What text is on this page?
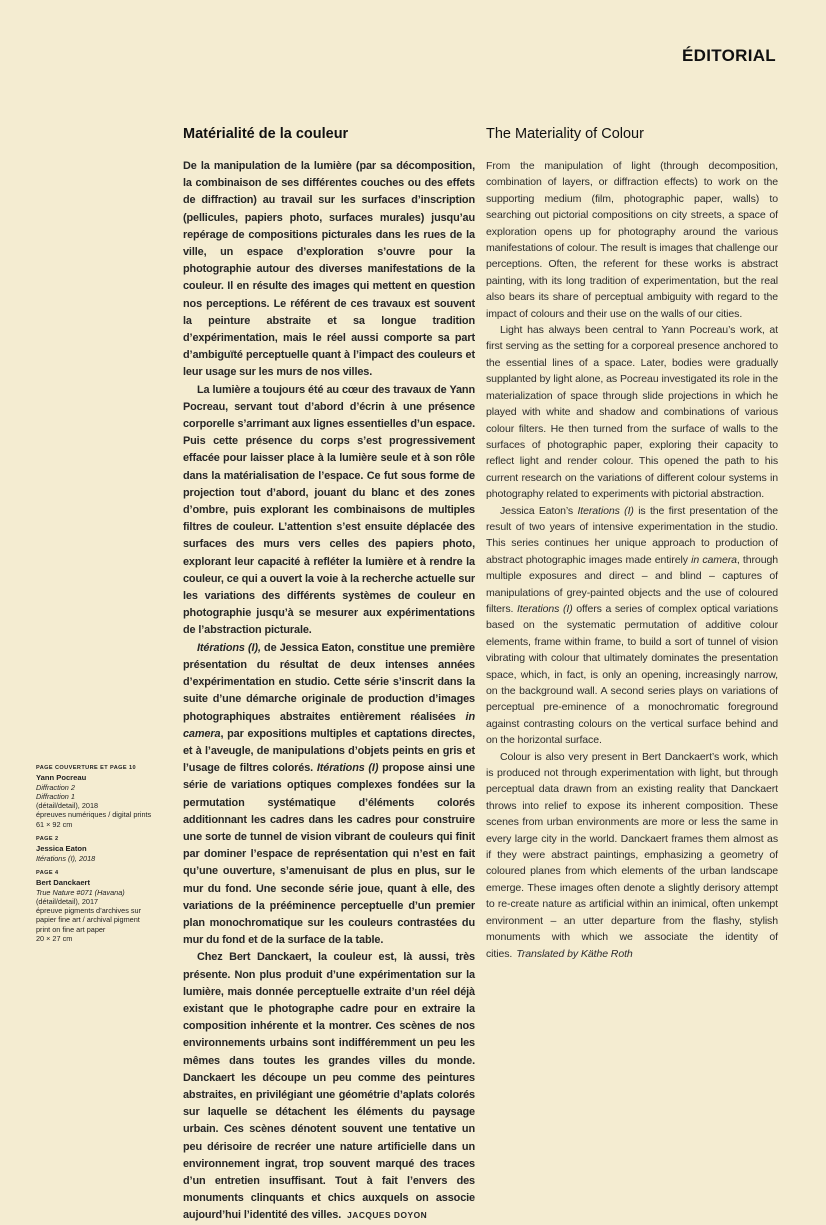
ÉDITORIAL
Matérialité de la couleur

De la manipulation de la lumière (par sa décomposition, la combinaison de ses différentes couches ou des effets de diffraction) au travail sur les surfaces d’inscription (pellicules, papiers photo, surfaces murales) jusqu’au repérage de compositions picturales dans les rues de la ville, un espace d’exploration s’ouvre pour la photographie autour des diverses manifestations de la couleur. Il en résulte des images qui mettent en question nos perceptions. Le référent de ces travaux est souvent la peinture abstraite et sa longue tradition d’expérimentation, mais le réel aussi comporte sa part d’ambiguïté perceptuelle quant à l’impact des couleurs et leur usage sur les murs de nos villes.

La lumière a toujours été au cœur des travaux de Yann Pocreau, servant tout d’abord d’écrin à une présence corporelle s’arrimant aux lignes essentielles d’un espace. Puis cette présence du corps s’est progressivement effacée pour laisser place à la lumière seule et à son rôle dans la matérialisation de l’espace. Ce fut sous forme de projection tout d’abord, jouant du blanc et des zones d’ombre, puis explorant les combinaisons de multiples filtres de couleur. L’attention s’est ensuite déplacée des surfaces des murs vers celles des papiers photo, explorant leur capacité à refléter la lumière et à rendre la couleur, ce qui a ouvert la voie à la recherche actuelle sur les variations des différents systèmes de couleur en photographie jusqu’à se mesurer aux expérimentations de l’abstraction picturale.

Itérations (I), de Jessica Eaton, constitue une première présentation du résultat de deux intenses années d’expérimentation en studio. Cette série s’inscrit dans la suite d’une démarche originale de production d’images photographiques abstraites entièrement réalisées in camera, par expositions multiples et captations directes, et à l’aveugle, de manipulations d’objets peints en gris et l’usage de filtres colorés. Itérations (I) propose ainsi une série de variations optiques complexes fondées sur la permutation systématique d’éléments colorés additionnant les cadres dans les cadres pour construire une sorte de tunnel de vision vibrant de couleurs qui finit par dominer l’espace de représentation qui n’est en fait qu’une ouverture, s’amenuisant de plus en plus, sur le mur du fond. Une seconde série joue, quant à elle, des variations de la prééminence perceptuelle d’un premier plan monochromatique sur les couleurs contrastées du mur du fond et de la surface de la table.

Chez Bert Danckaert, la couleur est, là aussi, très présente. Non plus produit d’une expérimentation sur la lumière, mais donnée perceptuelle extraite d’un réel déjà existant que le photographe cadre pour en extraire la composition inhérente et la montrer. Ces scènes de nos environnements urbains sont indifféremment un peu les mêmes dans toutes les grandes villes du monde. Danckaert les découpe un peu comme des peintures abstraites, en privilégiant une géométrie d’aplats colorés sur laquelle se détachent les éléments du paysage urbain. Ces scènes dénotent souvent une tentative un peu dérisoire de recréer une nature artificielle dans un environnement ingrat, trop souvent marqué des traces d’un entretien insuffisant. Tout à fait l’envers des monuments clinquants et chics auxquels on associe aujourd’hui l’identité des villes. JACQUES DOYON

The Materiality of Colour

From the manipulation of light (through decomposition, combination of layers, or diffraction effects) to work on the supporting medium (film, photographic paper, walls) to searching out pictorial compositions on city streets, a space of exploration opens up for photography around the various manifestations of colour. The result is images that challenge our perceptions. Often, the referent for these works is abstract painting, with its long tradition of experimentation, but the real also bears its share of perceptual ambiguity with regard to the impact of colours and their use on the walls of our cities.

Light has always been central to Yann Pocreau’s work, at first serving as the setting for a corporeal presence anchored to the essential lines of a space. Later, bodies were gradually supplanted by light alone, as Pocreau investigated its role in the materialization of space through slide projections in which he played with white and shadow and combinations of various colour filters. He then turned from the surface of walls to the surfaces of photographic paper, exploring their capacity to reflect light and render colour. This opened the path to his current research on the variations of different colour systems in photography related to experiments with pictorial abstraction.

Jessica Eaton’s Iterations (I) is the first presentation of the result of two years of intensive experimentation in the studio. This series continues her unique approach to production of abstract photographic images made entirely in camera, through multiple exposures and direct – and blind – captures of manipulations of grey-painted objects and the use of coloured filters. Iterations (I) offers a series of complex optical variations based on the systematic permutation of additive colour elements, frame within frame, to build a sort of tunnel of vision vibrating with colour that ultimately dominates the presentation space, which, in fact, is only an opening, increasingly narrow, on the background wall. A second series plays on variations of perceptual pre-eminence of a monochromatic foreground against contrasting colours on the vertical surface behind and on the horizontal surface.

Colour is also very present in Bert Danckaert’s work, which is produced not through experimentation with light, but through perceptual data drawn from an existing reality that Danckaert throws into relief to expose its inherent composition. These scenes from urban environments are more or less the same in every large city in the world. Danckaert frames them almost as if they were abstract paintings, emphasizing a geometry of coloured planes from which elements of the urban landscape emerge. These images often denote a slightly derisory attempt to re-create nature as artificial within an inimical, often unkempt environment – an utter departure from the flashy, stylish monuments with which we associate the identity of cities. Translated by Käthe Roth

PAGE COUVERTURE ET PAGE 10
Yann Pocreau
Diffraction 2
Diffraction 1
(détail/detail), 2018
épreuves numériques / digital prints
61 × 92 cm
PAGE 2
Jessica Eaton
Itérations (I), 2018
PAGE 4
Bert Danckaert
True Nature #071 (Havana)
(détail/detail), 2017
épreuve pigments d’archives sur
papier fine art / archival pigment
print on fine art paper
20 × 27 cm
